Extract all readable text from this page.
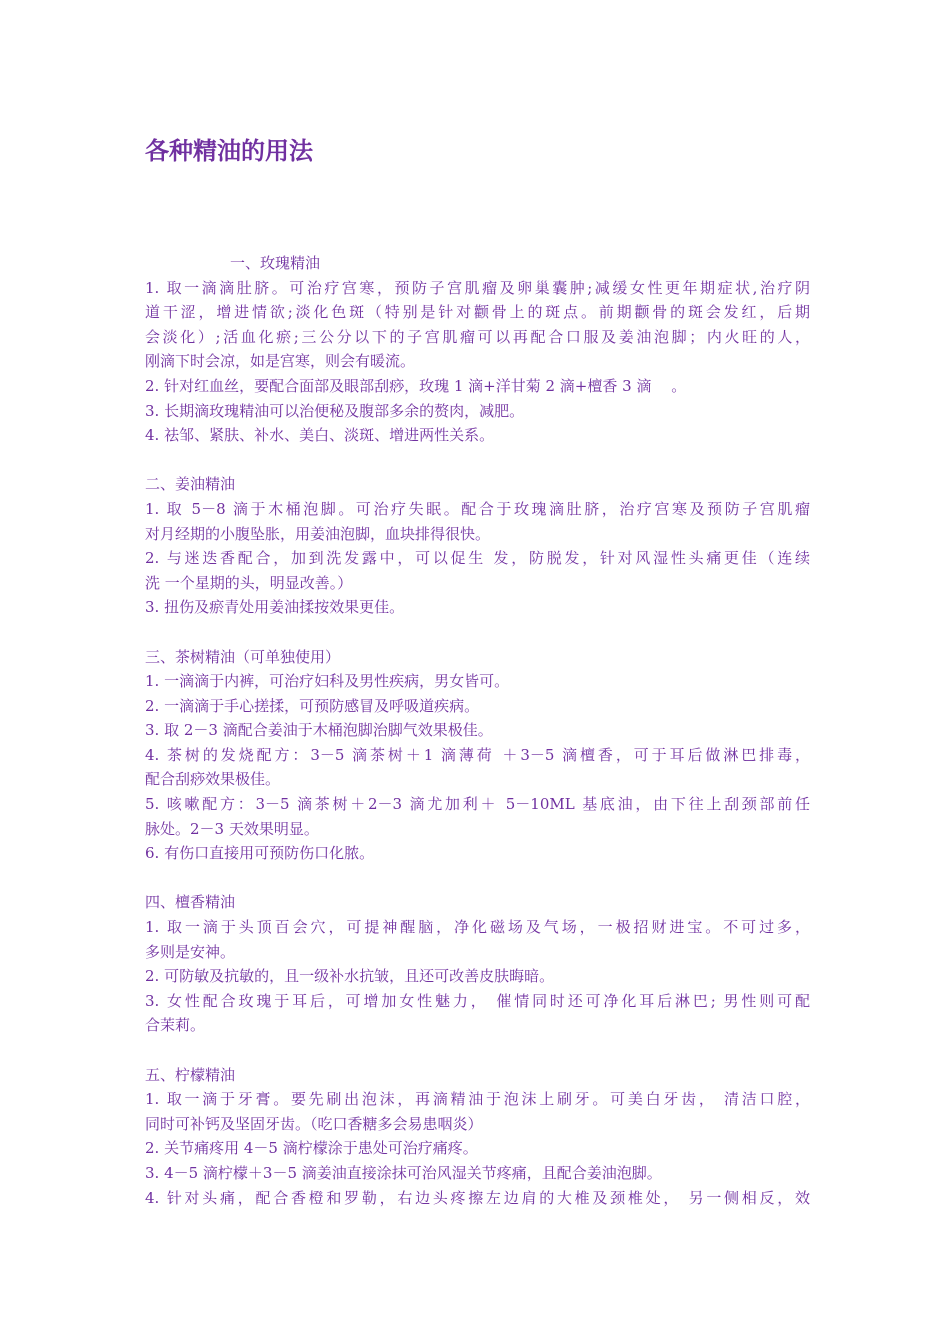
各种精油的用法
一、玫瑰精油
1. 取一滴滴肚脐。可治疗宫寒，预防子宫肌瘤及卵巢囊肿;减缓女性更年期症状,治疗阴
道干涩，增进情欲;淡化色斑（特别是针对颧骨上的斑点。前期颧骨的斑会发红，后期
会淡化）;活血化瘀;三公分以下的子宫肌瘤可以再配合口服及姜油泡脚；内火旺的人，
刚滴下时会凉，如是宫寒，则会有暖流。
2. 针对红血丝，要配合面部及眼部刮痧，玫瑰 1 滴+洋甘菊 2 滴+檀香 3 滴 　。
3. 长期滴玫瑰精油可以治便秘及腹部多余的赘肉，减肥。
4. 祛邹、紧肤、补水、美白、淡斑、增进两性关系。
二、姜油精油
1. 取 5－8 滴于木桶泡脚。可治疗失眠。配合于玫瑰滴肚脐，治疗宫寒及预防子宫肌瘤
对月经期的小腹坠胀，用姜油泡脚，血块排得很快。
2. 与迷迭香配合，加到洗发露中，可以促生 发，防脱发，针对风湿性头痛更佳（连续
洗 一个星期的头，明显改善。）
3. 扭伤及瘀青处用姜油揉按效果更佳。
三、茶树精油（可单独使用）
1. 一滴滴于内裤，可治疗妇科及男性疾病，男女皆可。
2. 一滴滴于手心搓揉，可预防感冒及呼吸道疾病。
3. 取 2－3 滴配合姜油于木桶泡脚治脚气效果极佳。
4. 茶树的发烧配方：3－5 滴茶树＋1 滴薄荷 ＋3－5 滴檀香，可于耳后做淋巴排毒，
配合刮痧效果极佳。
5. 咳嗽配方：3－5 滴茶树＋2－3 滴尤加利＋ 5－10ML 基底油，由下往上刮颈部前任
脉处。2－3 天效果明显。
6. 有伤口直接用可预防伤口化脓。
四、檀香精油
1. 取一滴于头顶百会穴，可提神醒脑，净化磁场及气场，一极招财进宝。不可过多，
多则是安神。
2. 可防敏及抗敏的，且一级补水抗皱，且还可改善皮肤晦暗。
3. 女性配合玫瑰于耳后，可增加女性魅力， 催情同时还可净化耳后淋巴; 男性则可配
合茉莉。
五、柠檬精油
1. 取一滴于牙膏。要先刷出泡沫，再滴精油于泡沫上刷牙。可美白牙齿， 清洁口腔，
同时可补钙及坚固牙齿。（吃口香糖多会易患咽炎）
2. 关节痛疼用 4－5 滴柠檬涂于患处可治疗痛疼。
3. 4－5 滴柠檬＋3－5 滴姜油直接涂抹可治风湿关节疼痛，且配合姜油泡脚。
4. 针对头痛，配合香橙和罗勒，右边头疼擦左边肩的大椎及颈椎处， 另一侧相反，效
